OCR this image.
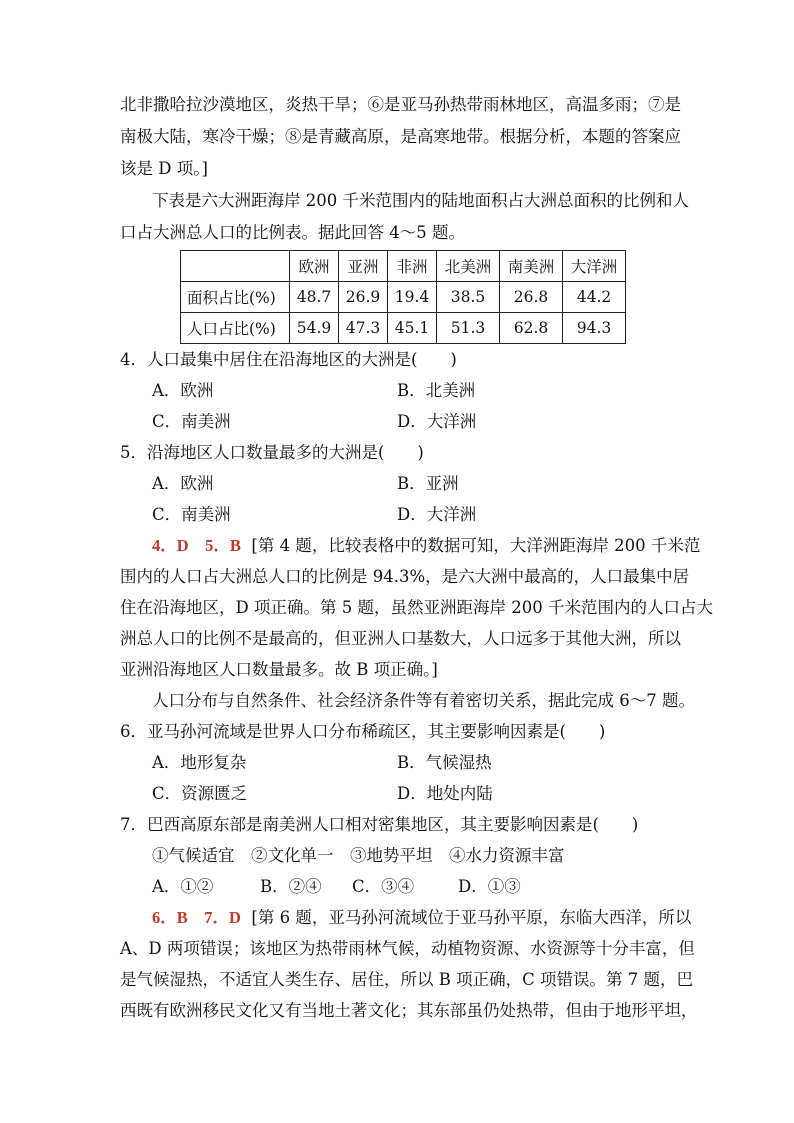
北非撒哈拉沙漠地区，炎热干旱；⑥是亚马孙热带雨林地区，高温多雨；⑦是
南极大陆，寒冷干燥；⑧是青藏高原，是高寒地带。根据分析，本题的答案应
该是 D 项。]
下表是六大洲距海岸 200 千米范围内的陆地面积占大洲总面积的比例和人
口占大洲总人口的比例表。据此回答 4～5 题。
	欧洲	亚洲	非洲	北美洲	南美洲	大洋洲
面积占比(%)	48.7	26.9	19.4	38.5	26.8	44.2
人口占比(%)	54.9	47.3	45.1	51.3	62.8	94.3
4．人口最集中居住在沿海地区的大洲是(　　)
A．欧洲	B．北美洲
C．南美洲	D．大洋洲
5．沿海地区人口数量最多的大洲是(　　)
A．欧洲	B．亚洲
C．南美洲	D．大洋洲
4．D　5．B [第 4 题，比较表格中的数据可知，大洋洲距海岸 200 千米范
围内的人口占大洲总人口的比例是 94.3%，是六大洲中最高的，人口最集中居
住在沿海地区，D 项正确。第 5 题，虽然亚洲距海岸 200 千米范围内的人口占大
洲总人口的比例不是最高的，但亚洲人口基数大，人口远多于其他大洲，所以
亚洲沿海地区人口数量最多。故 B 项正确。]
人口分布与自然条件、社会经济条件等有着密切关系，据此完成 6～7 题。
6．亚马孙河流域是世界人口分布稀疏区，其主要影响因素是(　　)
A．地形复杂	B．气候湿热
C．资源匮乏	D．地处内陆
7．巴西高原东部是南美洲人口相对密集地区，其主要影响因素是(　　)
①气候适宜　②文化单一　③地势平坦　④水力资源丰富
A．①②	B．②④ C．③④	D．①③
6．B　7．D [第 6 题，亚马孙河流域位于亚马孙平原，东临大西洋，所以
A、D 两项错误；该地区为热带雨林气候，动植物资源、水资源等十分丰富，但
是气候湿热，不适宜人类生存、居住，所以 B 项正确，C 项错误。第 7 题，巴
西既有欧洲移民文化又有当地土著文化；其东部虽仍处热带，但由于地形平坦，
